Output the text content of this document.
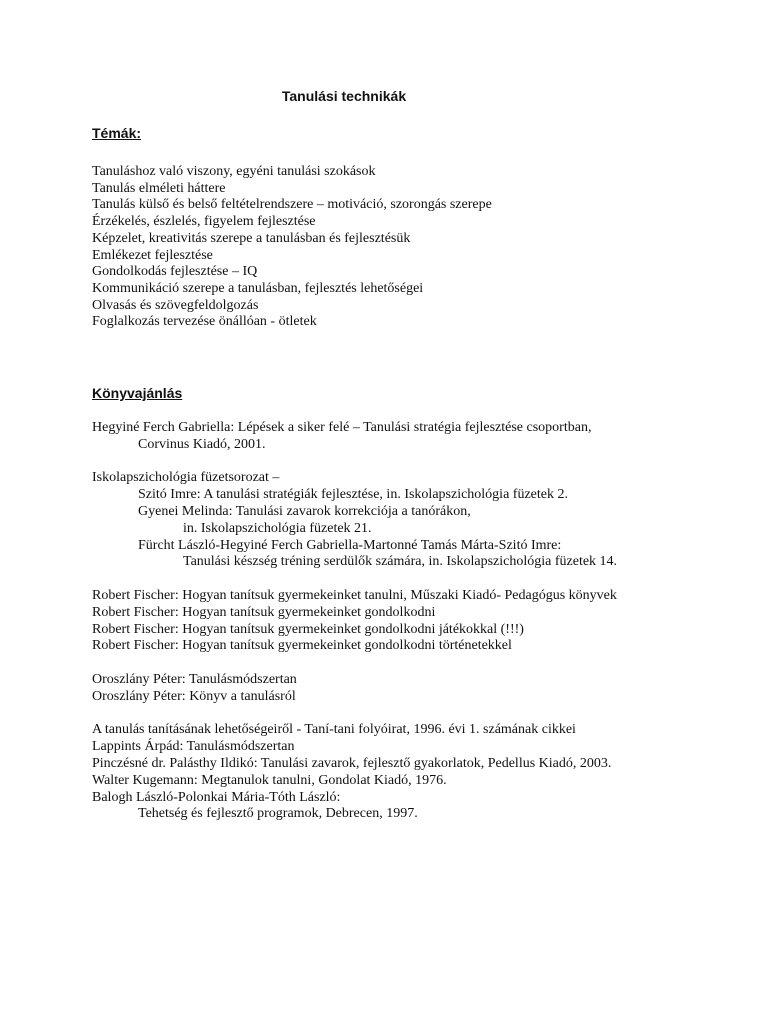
Tanulási technikák
Témák:
Tanuláshoz való viszony, egyéni tanulási szokások
Tanulás elméleti háttere
Tanulás külső és belső feltételrendszere – motiváció, szorongás szerepe
Érzékelés, észlelés, figyelem fejlesztése
Képzelet, kreativitás szerepe a tanulásban és fejlesztésük
Emlékezet fejlesztése
Gondolkodás fejlesztése – IQ
Kommunikáció szerepe a tanulásban, fejlesztés lehetőségei
Olvasás és szövegfeldolgozás
Foglalkozás tervezése önállóan - ötletek
Könyvajánlás
Hegyiné Ferch Gabriella: Lépések a siker felé – Tanulási stratégia fejlesztése csoportban,
Corvinus Kiadó, 2001.
Iskolapszichológia füzetsorozat –
Szitó Imre: A tanulási stratégiák fejlesztése, in. Iskolapszichológia füzetek 2.
Gyenei Melinda: Tanulási zavarok korrekciója a tanórákon,
in. Iskolapszichológia füzetek 21.
Fürcht László-Hegyiné Ferch Gabriella-Martonné Tamás Márta-Szitó Imre:
Tanulási készség tréning serdülők számára, in. Iskolapszichológia füzetek 14.
Robert Fischer: Hogyan tanítsuk gyermekeinket tanulni, Műszaki Kiadó- Pedagógus könyvek
Robert Fischer: Hogyan tanítsuk gyermekeinket gondolkodni
Robert Fischer: Hogyan tanítsuk gyermekeinket gondolkodni játékokkal (!!!)
Robert Fischer: Hogyan tanítsuk gyermekeinket gondolkodni történetekkel
Oroszlány Péter: Tanulásmódszertan
Oroszlány Péter: Könyv a tanulásról
A tanulás tanításának lehetőségeiről - Taní-tani folyóirat, 1996. évi 1. számának cikkei
Lappints Árpád: Tanulásmódszertan
Pinczésné dr. Palásthy Ildikó: Tanulási zavarok, fejlesztő gyakorlatok, Pedellus Kiadó, 2003.
Walter Kugemann: Megtanulok tanulni, Gondolat Kiadó, 1976.
Balogh László-Polonkai Mária-Tóth László:
Tehetség és fejlesztő programok, Debrecen, 1997.
